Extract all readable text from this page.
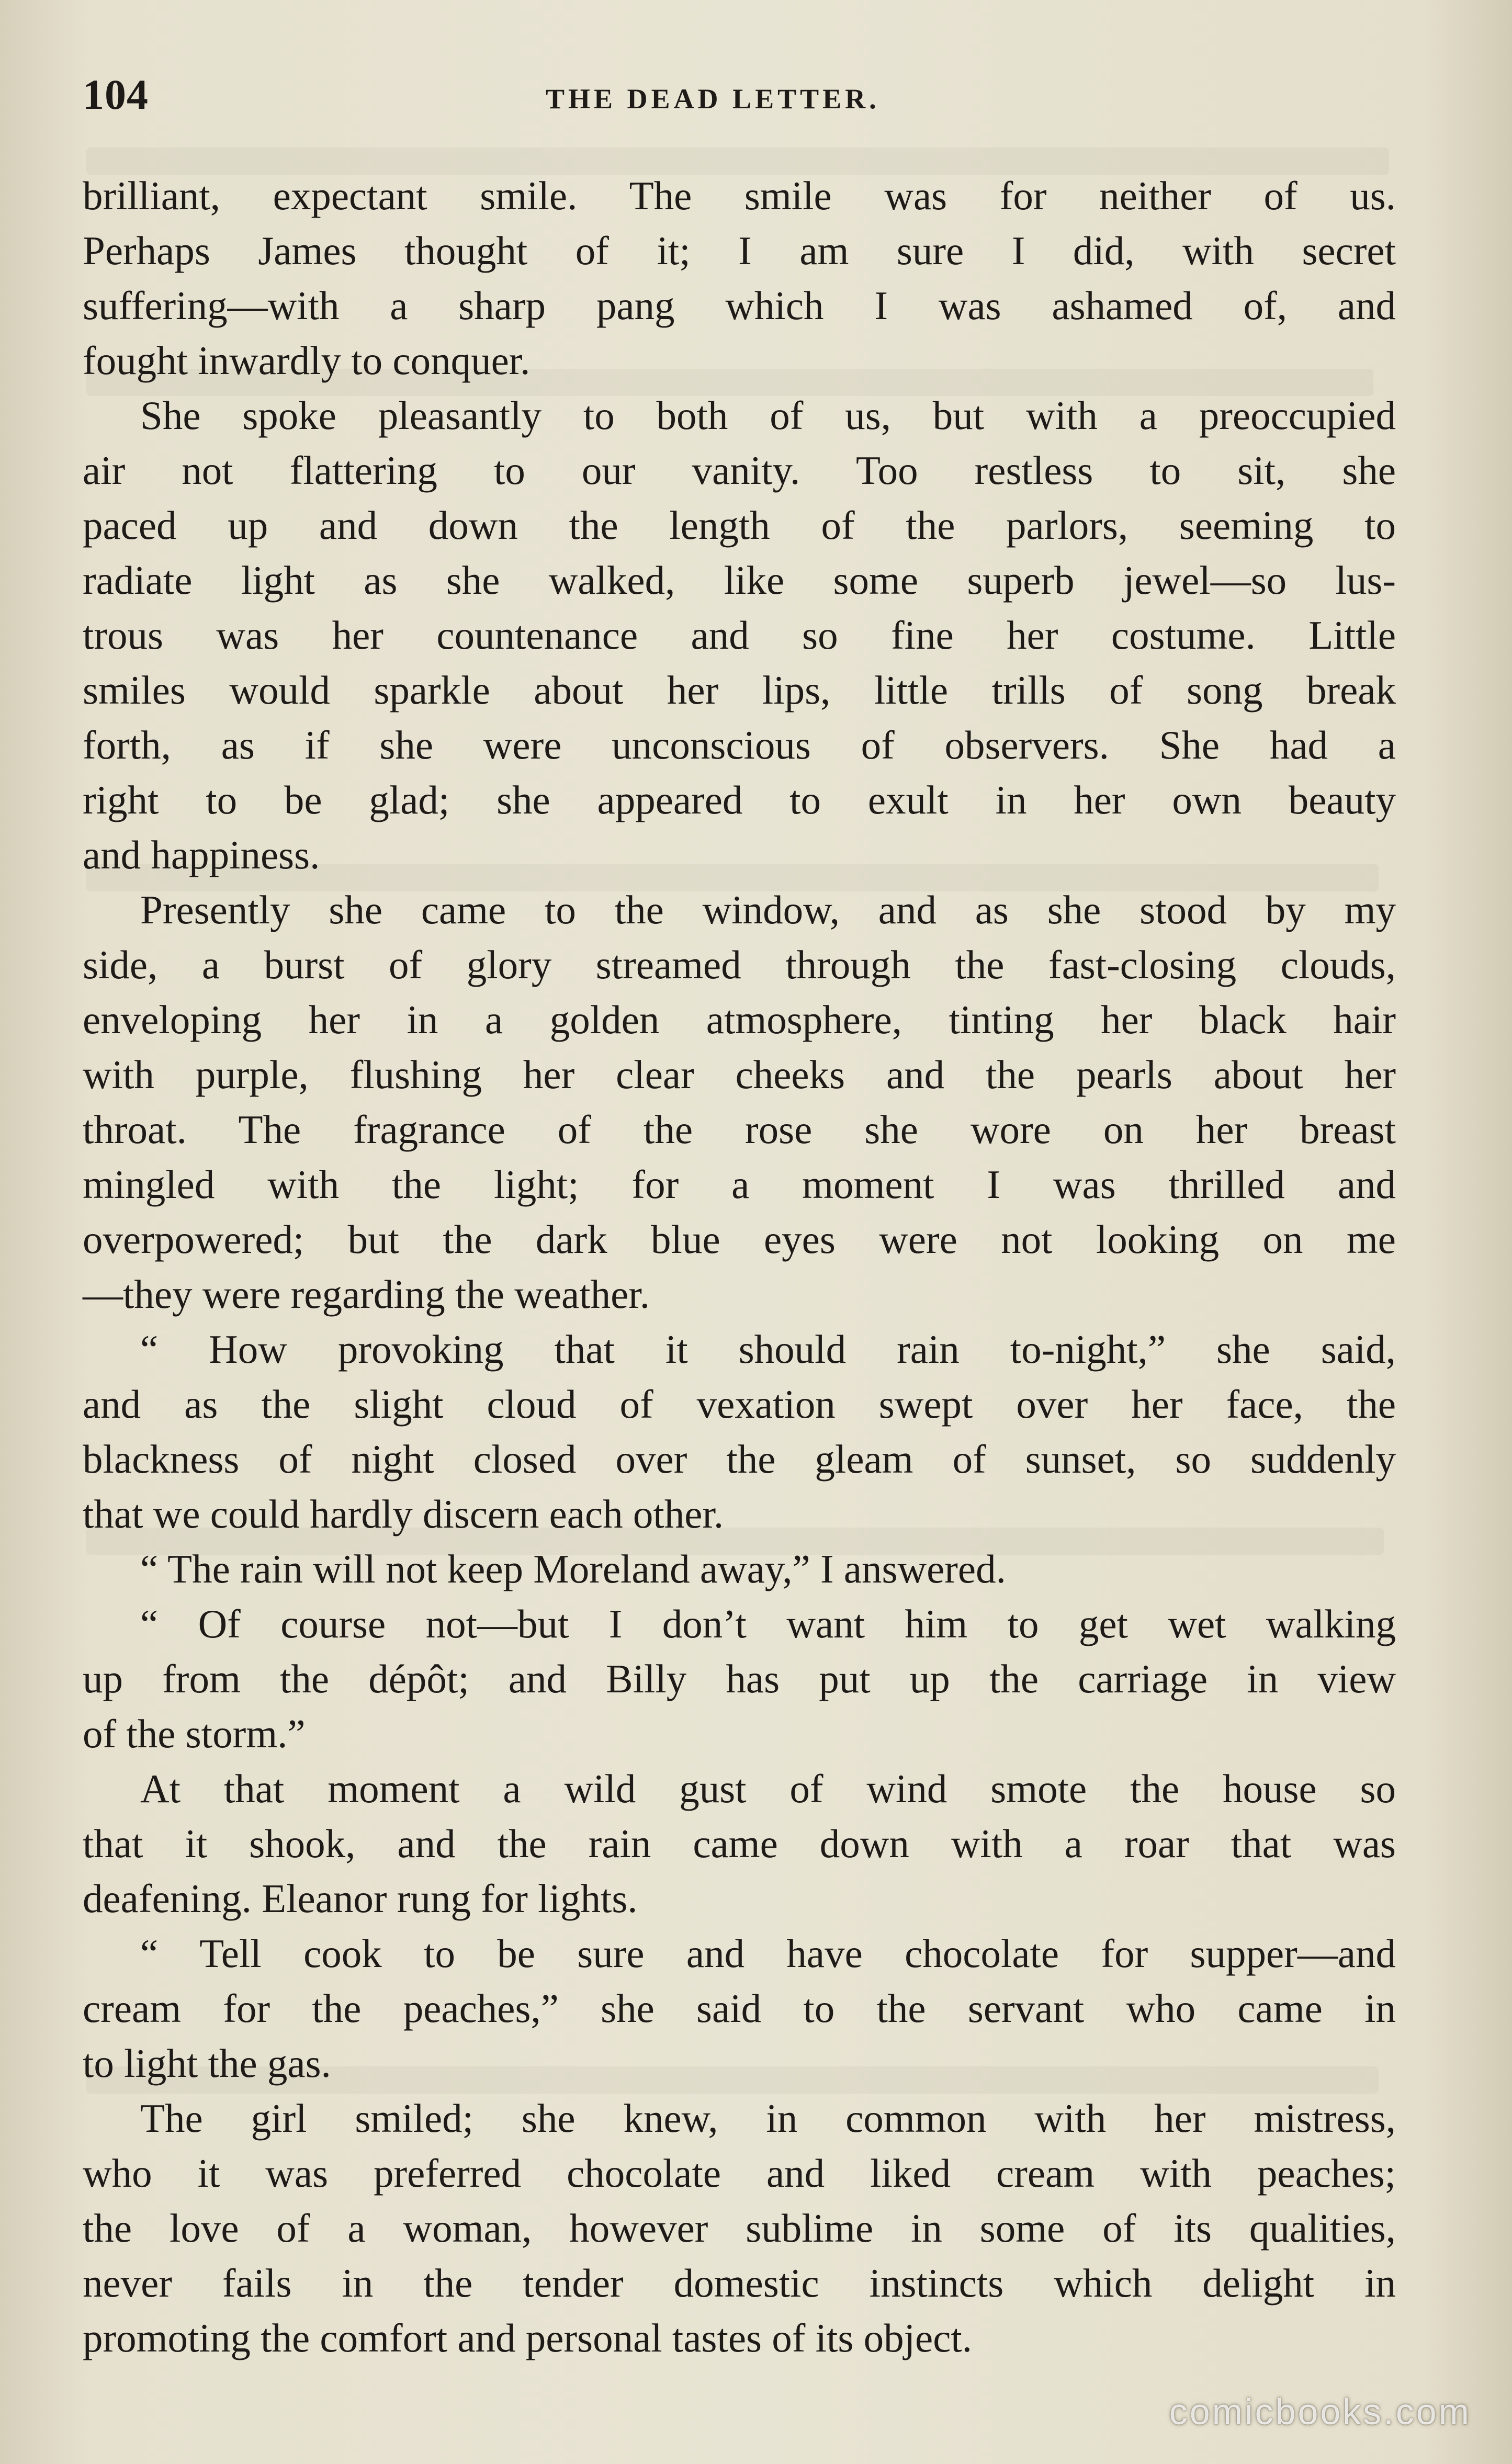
104	THE DEAD LETTER.

brilliant, expectant smile. The smile was for neither of us.
Perhaps James thought of it; I am sure I did, with secret
suffering—with a sharp pang which I was ashamed of, and
fought inwardly to conquer.

She spoke pleasantly to both of us, but with a preoccupied
air not flattering to our vanity. Too restless to sit, she
paced up and down the length of the parlors, seeming to
radiate light as she walked, like some superb jewel—so lus-
trous was her countenance and so fine her costume. Little
smiles would sparkle about her lips, little trills of song break
forth, as if she were unconscious of observers. She had a
right to be glad; she appeared to exult in her own beauty
and happiness.

Presently she came to the window, and as she stood by my
side, a burst of glory streamed through the fast-closing clouds,
enveloping her in a golden atmosphere, tinting her black hair
with purple, flushing her clear cheeks and the pearls about her
throat. The fragrance of the rose she wore on her breast
mingled with the light; for a moment I was thrilled and
overpowered; but the dark blue eyes were not looking on me
—they were regarding the weather.

“ How provoking that it should rain to-night,” she said,
and as the slight cloud of vexation swept over her face, the
blackness of night closed over the gleam of sunset, so suddenly
that we could hardly discern each other.

“ The rain will not keep Moreland away,” I answered.

“ Of course not—but I don’t want him to get wet walking
up from the dépôt; and Billy has put up the carriage in view
of the storm.”

At that moment a wild gust of wind smote the house so
that it shook, and the rain came down with a roar that was
deafening. Eleanor rung for lights.

“ Tell cook to be sure and have chocolate for supper—and
cream for the peaches,” she said to the servant who came in
to light the gas.

The girl smiled; she knew, in common with her mistress,
who it was preferred chocolate and liked cream with peaches;
the love of a woman, however sublime in some of its qualities,
never fails in the tender domestic instincts which delight in
promoting the comfort and personal tastes of its object.

comicbooks.com
